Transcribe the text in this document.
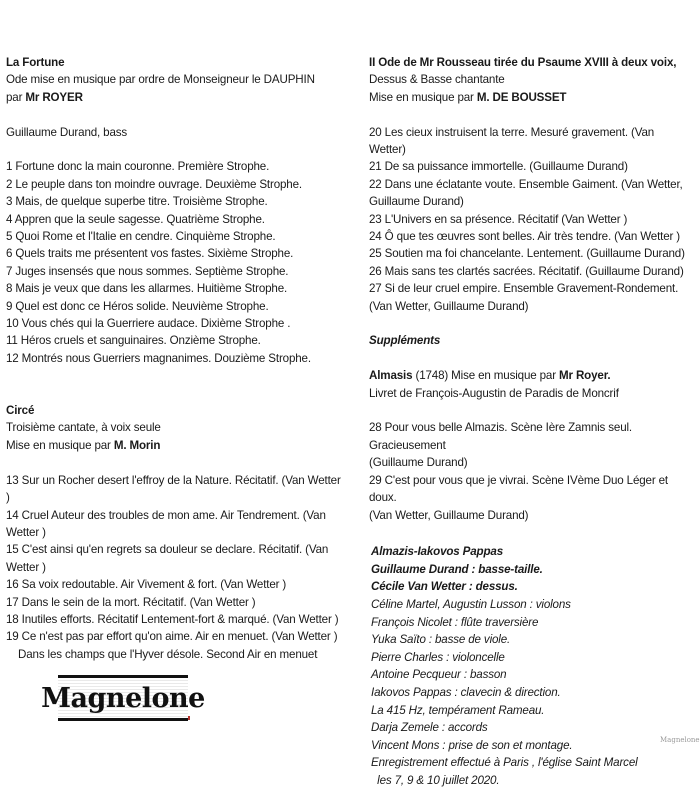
La Fortune

Ode mise en musique par ordre de Monseigneur le DAUPHIN

par Mr ROYER

Guillaume Durand, bass

1 Fortune donc la main couronne. Première Strophe.

2 Le peuple dans ton moindre ouvrage. Deuxième Strophe.

3 Mais, de quelque superbe titre. Troisième Strophe.

4 Appren que la seule sagesse. Quatrième Strophe.

5 Quoi Rome et l'Italie en cendre. Cinquième Strophe.

6 Quels traits me présentent vos fastes. Sixième Strophe.

7 Juges insensés que nous sommes. Septième Strophe.

8 Mais je veux que dans les allarmes. Huitième Strophe.

9 Quel est donc ce Héros solide. Neuvième Strophe.

10 Vous chés qui la Guerriere audace. Dixième Strophe .

11 Héros cruels et sanguinaires. Onzième Strophe.

12 Montrés nous Guerriers magnanimes. Douzième Strophe.

Circé

Troisième cantate, à voix seule

Mise en musique par M. Morin

13 Sur un Rocher desert l'effroy de la Nature. Récitatif. (Van Wetter )

14 Cruel Auteur des troubles de mon ame. Air Tendrement. (Van Wetter )

15 C'est ainsi qu'en regrets sa douleur se declare. Récitatif. (Van Wetter )

16 Sa voix redoutable. Air Vivement & fort. (Van Wetter )

17 Dans le sein de la mort. Récitatif. (Van Wetter )

18 Inutiles efforts. Récitatif Lentement-fort & marqué. (Van Wetter )

19 Ce n'est pas par effort qu'on aime. Air en menuet. (Van Wetter )

Dans les champs que l'Hyver désole. Second Air en menuet

II Ode de Mr Rousseau tirée du Psaume XVIII à deux voix,

Dessus & Basse chantante

Mise en musique par M. DE BOUSSET

20 Les cieux instruisent la terre. Mesuré gravement. (Van Wetter)

21 De sa puissance immortelle. (Guillaume Durand)

22 Dans une éclatante voute. Ensemble Gaiment. (Van Wetter,

Guillaume Durand)

23 L'Univers en sa présence. Récitatif (Van Wetter )

24 Ô que tes œuvres sont belles. Air très tendre. (Van Wetter )

25 Soutien ma foi chancelante. Lentement. (Guillaume Durand)

26 Mais sans tes clartés sacrées. Récitatif. (Guillaume Durand)

27 Si de leur cruel empire. Ensemble Gravement-Rondement.

(Van Wetter, Guillaume Durand)

Suppléments

Almasis (1748) Mise en musique par Mr Royer.

Livret de François-Augustin de Paradis de Moncrif

28 Pour vous belle Almazis. Scène Ière Zamnis seul. Gracieusement

(Guillaume Durand)

29 C'est pour vous que je vivrai. Scène IVème Duo Léger et doux.

(Van Wetter, Guillaume Durand)

Almazis-Iakovos Pappas

Guillaume Durand : basse-taille.

Cécile Van Wetter : dessus.

Céline Martel, Augustin Lusson : violons

François Nicolet : flûte traversière

Yuka Saïto : basse de viole.

Pierre Charles : violoncelle

Antoine Pecqueur : basson

Iakovos Pappas : clavecin & direction.

La 415 Hz, tempérament Rameau.

Darja Zemele : accords

Vincent Mons : prise de son et montage.

Enregistrement effectué à Paris , l'église Saint Marcel

les 7, 9 & 10 juillet 2020.

Magnelone
Magnelone
